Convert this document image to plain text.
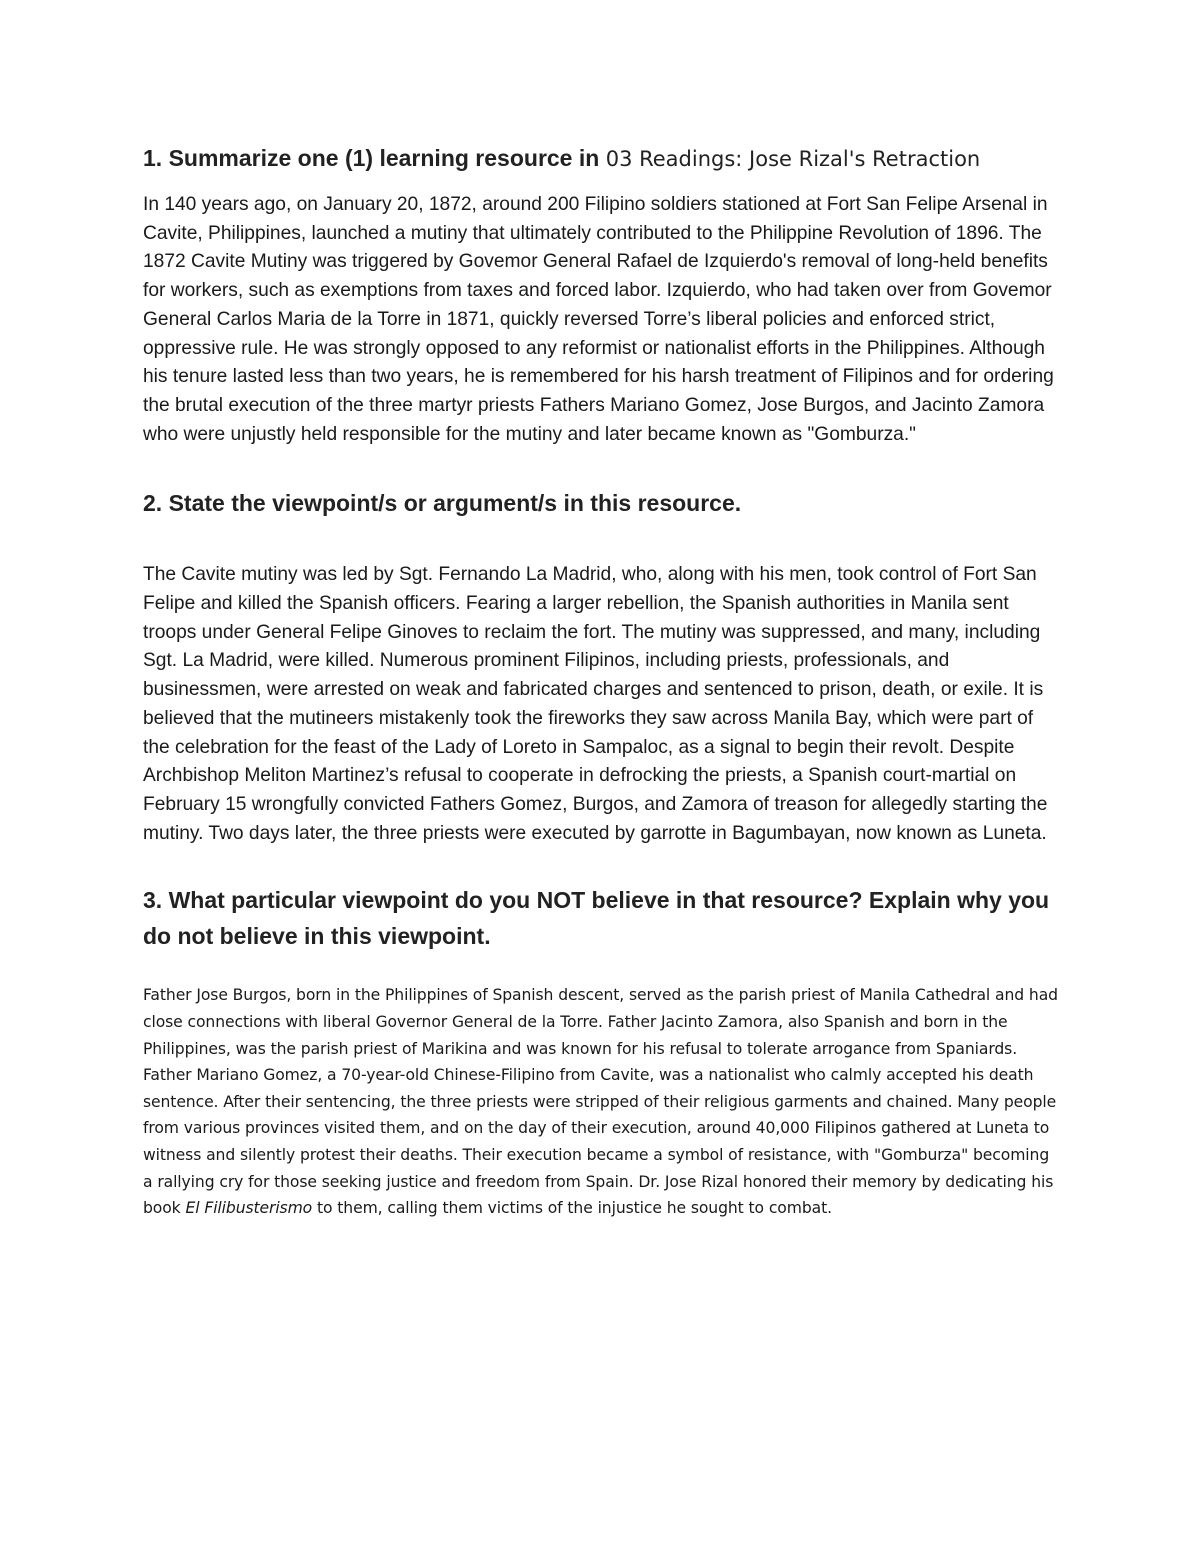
1. Summarize one (1) learning resource in 03 Readings: Jose Rizal's Retraction

In 140 years ago, on January 20, 1872, around 200 Filipino soldiers stationed at Fort San Felipe Arsenal in Cavite, Philippines, launched a mutiny that ultimately contributed to the Philippine Revolution of 1896. The 1872 Cavite Mutiny was triggered by Govemor General Rafael de Izquierdo's removal of long-held benefits for workers, such as exemptions from taxes and forced labor. Izquierdo, who had taken over from Govemor General Carlos Maria de la Torre in 1871, quickly reversed Torre’s liberal policies and enforced strict, oppressive rule. He was strongly opposed to any reformist or nationalist efforts in the Philippines. Although his tenure lasted less than two years, he is remembered for his harsh treatment of Filipinos and for ordering the brutal execution of the three martyr priests Fathers Mariano Gomez, Jose Burgos, and Jacinto Zamora who were unjustly held responsible for the mutiny and later became known as "Gomburza."

2. State the viewpoint/s or argument/s in this resource.

The Cavite mutiny was led by Sgt. Fernando La Madrid, who, along with his men, took control of Fort San Felipe and killed the Spanish officers. Fearing a larger rebellion, the Spanish authorities in Manila sent troops under General Felipe Ginoves to reclaim the fort. The mutiny was suppressed, and many, including Sgt. La Madrid, were killed. Numerous prominent Filipinos, including priests, professionals, and businessmen, were arrested on weak and fabricated charges and sentenced to prison, death, or exile. It is believed that the mutineers mistakenly took the fireworks they saw across Manila Bay, which were part of the celebration for the feast of the Lady of Loreto in Sampaloc, as a signal to begin their revolt. Despite Archbishop Meliton Martinez’s refusal to cooperate in defrocking the priests, a Spanish court-martial on February 15 wrongfully convicted Fathers Gomez, Burgos, and Zamora of treason for allegedly starting the mutiny. Two days later, the three priests were executed by garrotte in Bagumbayan, now known as Luneta.

3. What particular viewpoint do you NOT believe in that resource? Explain why you do not believe in this viewpoint.

Father Jose Burgos, born in the Philippines of Spanish descent, served as the parish priest of Manila Cathedral and had close connections with liberal Governor General de la Torre. Father Jacinto Zamora, also Spanish and born in the Philippines, was the parish priest of Marikina and was known for his refusal to tolerate arrogance from Spaniards. Father Mariano Gomez, a 70-year-old Chinese-Filipino from Cavite, was a nationalist who calmly accepted his death sentence. After their sentencing, the three priests were stripped of their religious garments and chained. Many people from various provinces visited them, and on the day of their execution, around 40,000 Filipinos gathered at Luneta to witness and silently protest their deaths. Their execution became a symbol of resistance, with "Gomburza" becoming a rallying cry for those seeking justice and freedom from Spain. Dr. Jose Rizal honored their memory by dedicating his book El Filibusterismo to them, calling them victims of the injustice he sought to combat.
